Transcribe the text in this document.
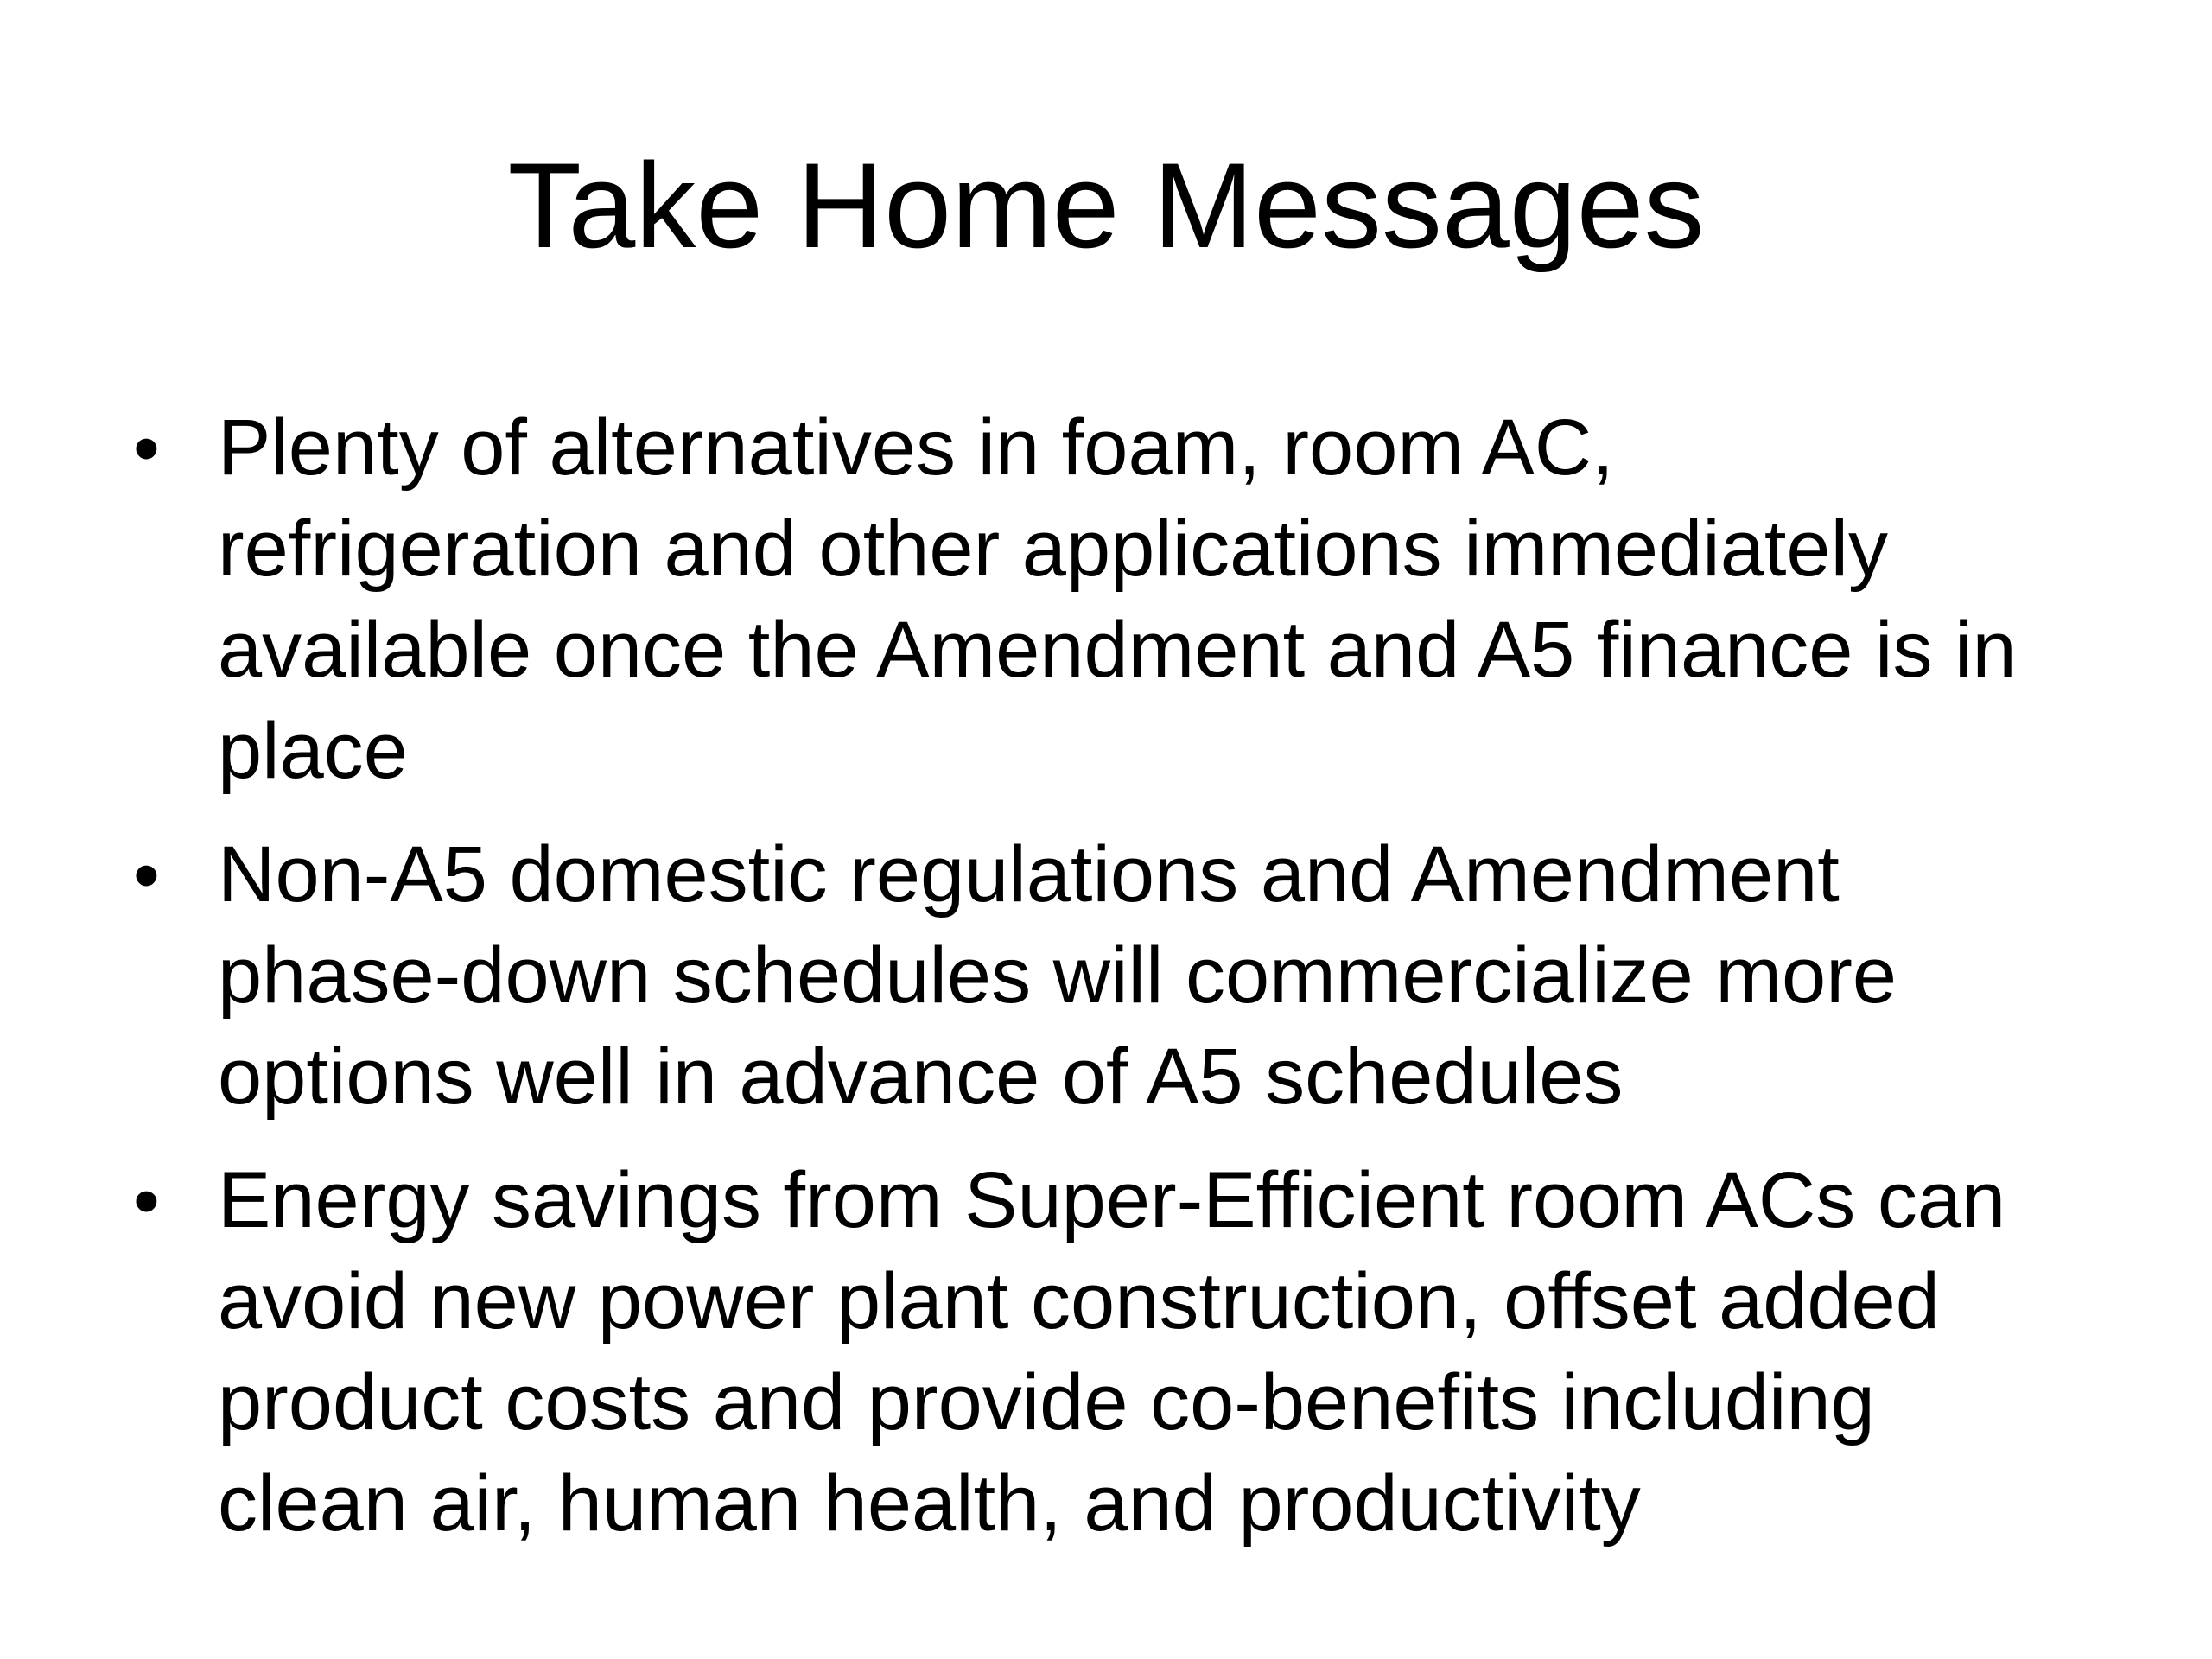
Take Home Messages
• Plenty of alternatives in foam, room AC,
refrigeration and other applications immediately
available once the Amendment and A5 finance is in
place
• Non-A5 domestic regulations and Amendment
phase-down schedules will commercialize more
options well in advance of A5 schedules
• Energy savings from Super-Efficient room ACs can
avoid new power plant construction, offset added
product costs and provide co-benefits including
clean air, human health, and productivity
